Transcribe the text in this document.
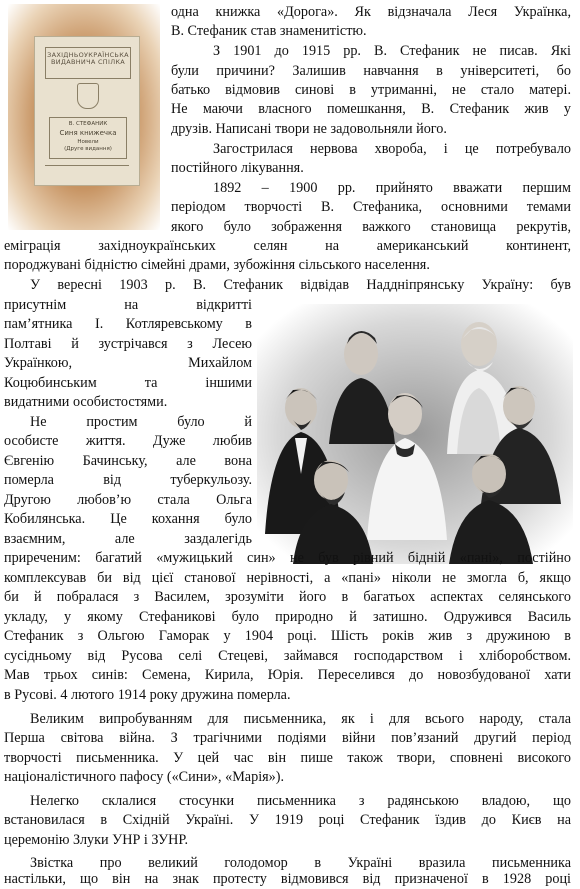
ЗАХІДНЬОУКРАЇНСЬКА ВИДАВНИЧА СПІЛКА
В. СТЕФАНИК
Синя книжечка
Новели
(Друге видання)
одна книжка «Дорога». Як відзначала Леся Українка,
В. Стефаник став знаменитістю.
З 1901 до 1915 рр. В. Стефаник не писав. Які
були причини? Залишив навчання в університеті, бо
батько відмовив синові в утриманні, не стало матері.
Не маючи власного помешкання, В. Стефаник жив у
друзів. Написані твори не задовольняли його.
Загострилася нервова хвороба, і це потребувало
постійного лікування.
1892 – 1900 рр. прийнято вважати першим
періодом творчості В. Стефаника, основними темами
якого було зображення важкого становища рекрутів,
еміграція західноукраїнських селян на американський континент,
породжувані бідністю сімейні драми, зубожіння сільського населення.
У вересні 1903 р. В. Стефаник відвідав Наддніпрянську Україну: був
присутнім на відкритті
пам’ятника І. Котляревському в
Полтаві й зустрічався з Лесею
Українкою, Михайлом
Коцюбинським та іншими
видатними особистостями.
Не простим було й
особисте життя. Дуже любив
Євгенію Бачинську, але вона
померла від туберкульозу.
Другою любов’ю стала Ольга
Кобилянська. Це кохання було
взаємним, але заздалегідь
приреченим: багатий «мужицький син» не був рівний бідній «пані», постійно
комплексував би від цієї станової нерівності, а «пані» ніколи не змогла б, якщо
би й побралася з Василем, зрозуміти його в багатьох аспектах селянського
укладу, у якому Стефаникові було природно й затишно. Одружився Василь
Стефаник з Ольгою Гаморак у 1904 році. Шість років жив з дружиною в
сусідньому від Русова селі Стецеві, займався господарством і хліборобством.
Мав трьох синів: Семена, Кирила, Юрія. Переселився до новозбудованої хати
в Русові. 4 лютого 1914 року дружина померла.
Великим випробуванням для письменника, як і для всього народу, стала
Перша світова війна. З трагічними подіями війни пов’язаний другий період
творчості письменника. У цей час він пише також твори, сповнені високого
націоналістичного пафосу («Сини», «Марія»).
Нелегко склалися стосунки письменника з радянською владою, що
встановилася в Східній Україні. У 1919 році Стефаник їздив до Києв на
церемонію Злуки УНР і ЗУНР.
Звістка про великий голодомор в Україні вразила письменника
настільки, що він на знак протесту відмовився від призначеної в 1928 році
